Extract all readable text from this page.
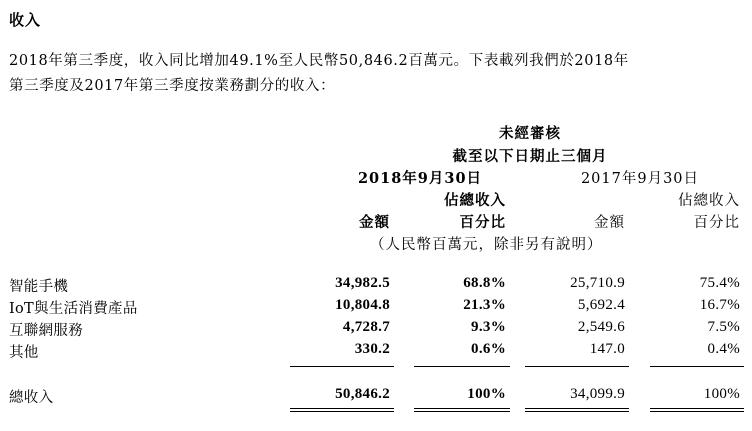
收入
2018年第三季度，收入同比增加49.1%至人民幣50,846.2百萬元。下表載列我們於2018年
第三季度及2017年第三季度按業務劃分的收入：
未經審核
截至以下日期止三個月
2018年9月30日	2017年9月30日
佔總收入	佔總收入
金額	百分比	金額	百分比
（人民幣百萬元，除非另有說明）
智能手機	34,982.5	68.8%	25,710.9	75.4%
IoT與生活消費產品	10,804.8	21.3%	5,692.4	16.7%
互聯網服務	4,728.7	9.3%	2,549.6	7.5%
其他	330.2	0.6%	147.0	0.4%
總收入	50,846.2	100%	34,099.9	100%
